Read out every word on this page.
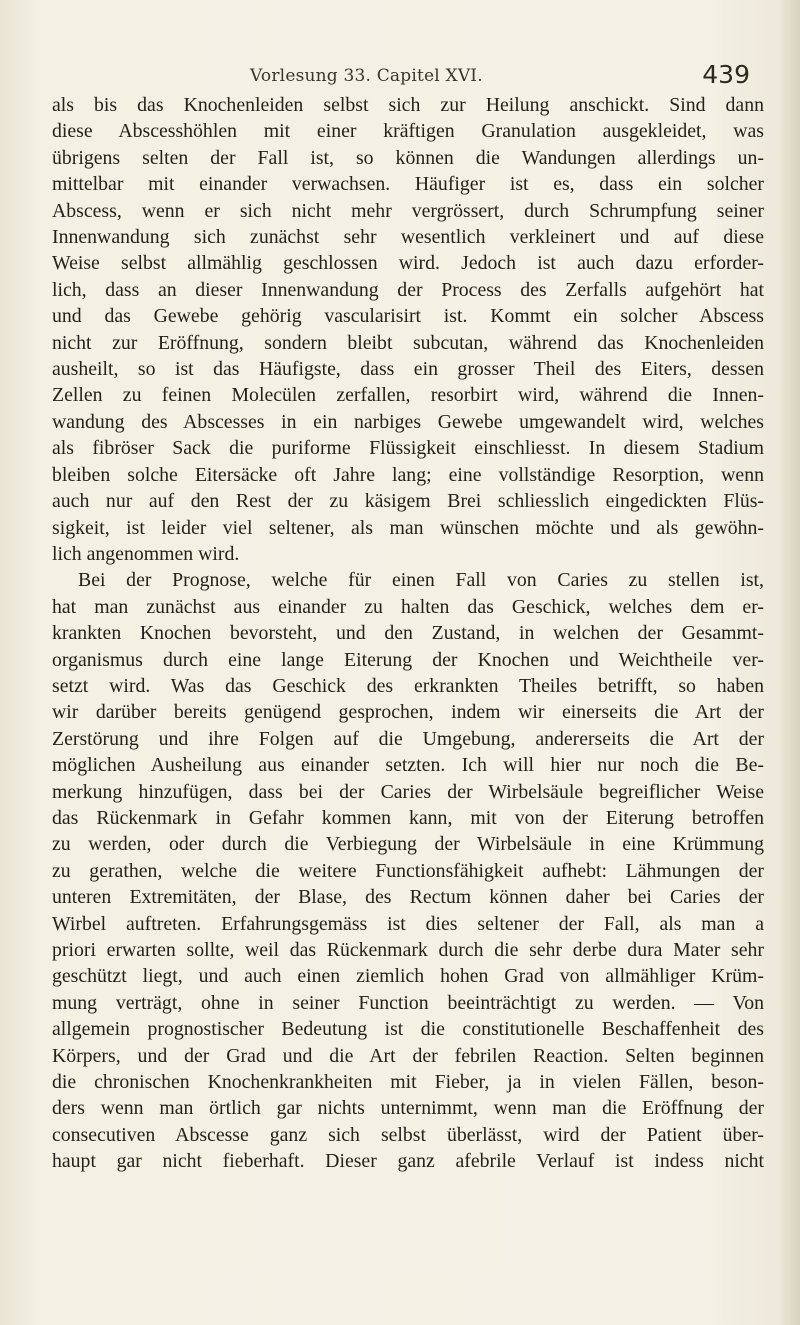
Vorlesung 33. Capitel XVI.	439

als bis das Knochenleiden selbst sich zur Heilung anschickt. Sind dann

diese Abscesshöhlen mit einer kräftigen Granulation ausgekleidet, was

übrigens selten der Fall ist, so können die Wandungen allerdings un-

mittelbar mit einander verwachsen. Häufiger ist es, dass ein solcher

Abscess, wenn er sich nicht mehr vergrössert, durch Schrumpfung seiner

Innenwandung sich zunächst sehr wesentlich verkleinert und auf diese

Weise selbst allmählig geschlossen wird. Jedoch ist auch dazu erforder-

lich, dass an dieser Innenwandung der Process des Zerfalls aufgehört hat

und das Gewebe gehörig vascularisirt ist. Kommt ein solcher Abscess

nicht zur Eröffnung, sondern bleibt subcutan, während das Knochenleiden

ausheilt, so ist das Häufigste, dass ein grosser Theil des Eiters, dessen

Zellen zu feinen Molecülen zerfallen, resorbirt wird, während die Innen-

wandung des Abscesses in ein narbiges Gewebe umgewandelt wird, welches

als fibröser Sack die puriforme Flüssigkeit einschliesst. In diesem Stadium

bleiben solche Eitersäcke oft Jahre lang; eine vollständige Resorption, wenn

auch nur auf den Rest der zu käsigem Brei schliesslich eingedickten Flüs-

sigkeit, ist leider viel seltener, als man wünschen möchte und als gewöhn-

lich angenommen wird.

Bei der Prognose, welche für einen Fall von Caries zu stellen ist,

hat man zunächst aus einander zu halten das Geschick, welches dem er-

krankten Knochen bevorsteht, und den Zustand, in welchen der Gesammt-

organismus durch eine lange Eiterung der Knochen und Weichtheile ver-

setzt wird. Was das Geschick des erkrankten Theiles betrifft, so haben

wir darüber bereits genügend gesprochen, indem wir einerseits die Art der

Zerstörung und ihre Folgen auf die Umgebung, andererseits die Art der

möglichen Ausheilung aus einander setzten. Ich will hier nur noch die Be-

merkung hinzufügen, dass bei der Caries der Wirbelsäule begreiflicher Weise

das Rückenmark in Gefahr kommen kann, mit von der Eiterung betroffen

zu werden, oder durch die Verbiegung der Wirbelsäule in eine Krümmung

zu gerathen, welche die weitere Functionsfähigkeit aufhebt: Lähmungen der

unteren Extremitäten, der Blase, des Rectum können daher bei Caries der

Wirbel auftreten. Erfahrungsgemäss ist dies seltener der Fall, als man a

priori erwarten sollte, weil das Rückenmark durch die sehr derbe dura Mater sehr

geschützt liegt, und auch einen ziemlich hohen Grad von allmähliger Krüm-

mung verträgt, ohne in seiner Function beeinträchtigt zu werden. — Von

allgemein prognostischer Bedeutung ist die constitutionelle Beschaffenheit des

Körpers, und der Grad und die Art der febrilen Reaction. Selten beginnen

die chronischen Knochenkrankheiten mit Fieber, ja in vielen Fällen, beson-

ders wenn man örtlich gar nichts unternimmt, wenn man die Eröffnung der

consecutiven Abscesse ganz sich selbst überlässt, wird der Patient über-

haupt gar nicht fieberhaft. Dieser ganz afebrile Verlauf ist indess nicht
